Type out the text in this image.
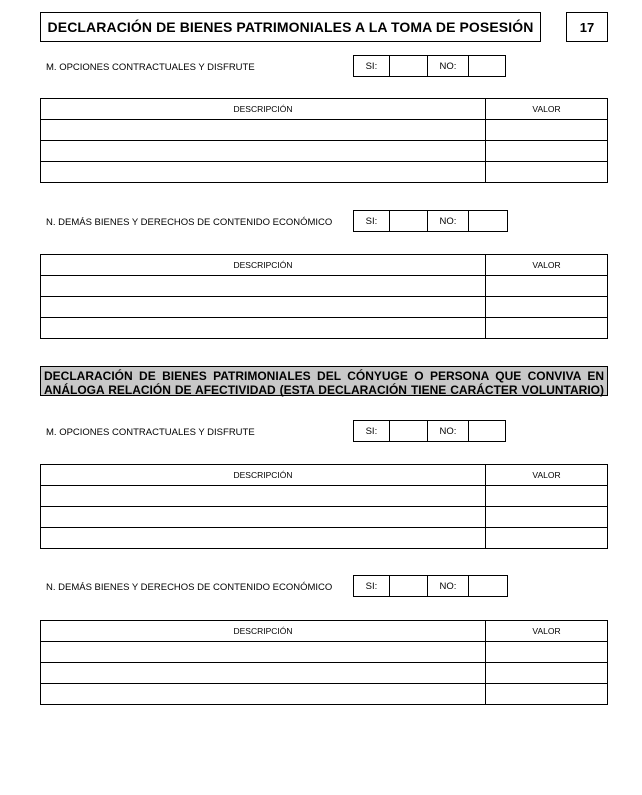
DECLARACIÓN DE BIENES PATRIMONIALES A LA TOMA DE POSESIÓN	17
M. OPCIONES CONTRACTUALES Y DISFRUTE	SI:	NO:
DESCRIPCIÓN	VALOR

N. DEMÁS BIENES Y DERECHOS DE CONTENIDO ECONÓMICO	SI:	NO:
DESCRIPCIÓN	VALOR

DECLARACIÓN DE BIENES PATRIMONIALES DEL CÓNYUGE O PERSONA QUE CONVIVA EN
ANÁLOGA RELACIÓN DE AFECTIVIDAD (ESTA DECLARACIÓN TIENE CARÁCTER VOLUNTARIO)
M. OPCIONES CONTRACTUALES Y DISFRUTE	SI:	NO:
DESCRIPCIÓN	VALOR

N. DEMÁS BIENES Y DERECHOS DE CONTENIDO ECONÓMICO	SI:	NO:
DESCRIPCIÓN	VALOR
